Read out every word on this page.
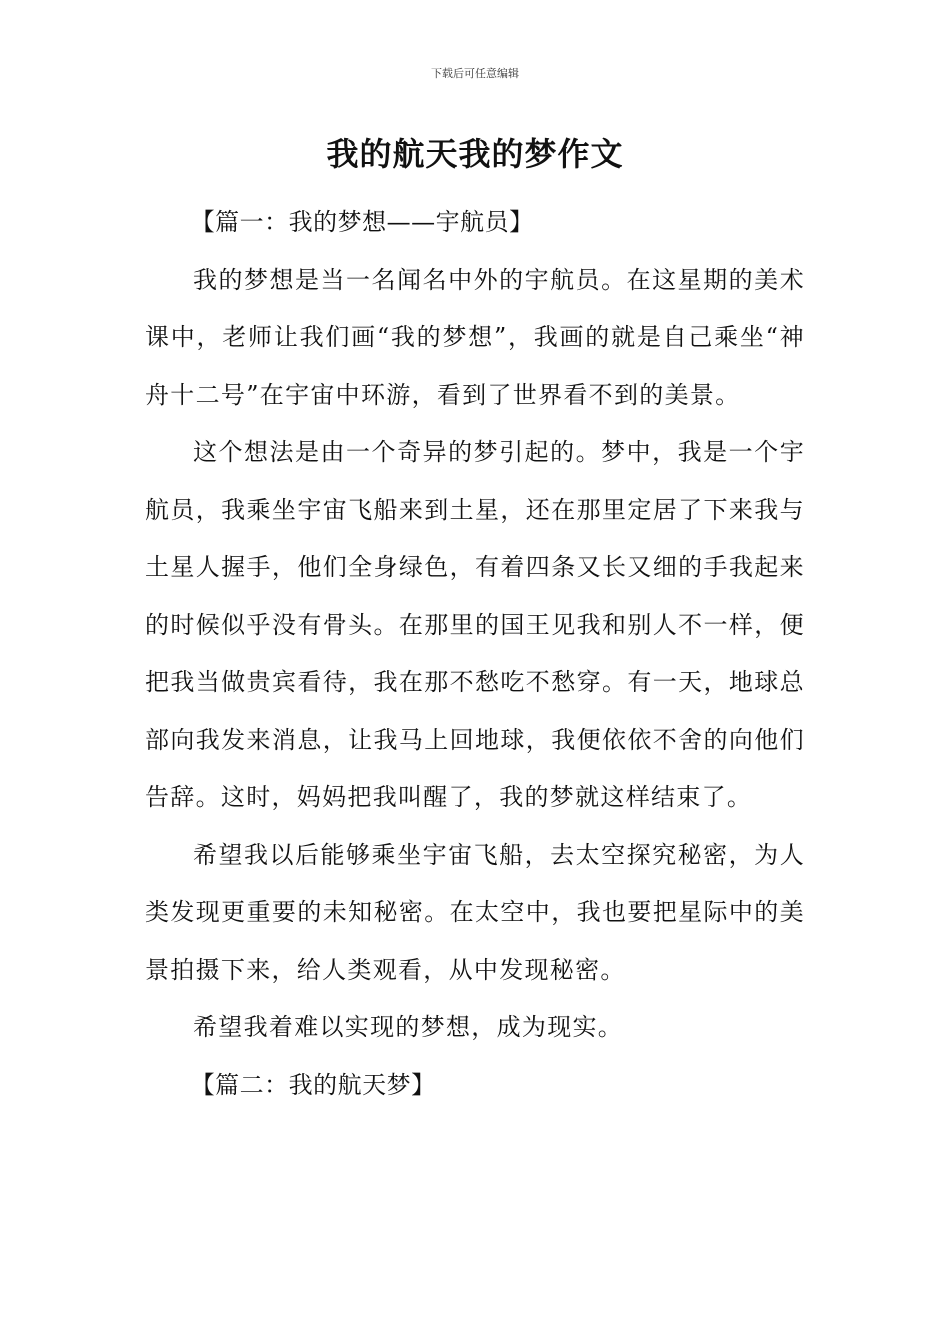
下载后可任意编辑
我的航天我的梦作文

【篇一：我的梦想——宇航员】

我的梦想是当一名闻名中外的宇航员。在这星期的美术课中，老师让我们画“我的梦想”，我画的就是自己乘坐“神舟十二号”在宇宙中环游，看到了世界看不到的美景。

这个想法是由一个奇异的梦引起的。梦中，我是一个宇航员，我乘坐宇宙飞船来到土星，还在那里定居了下来我与土星人握手，他们全身绿色，有着四条又长又细的手我起来的时候似乎没有骨头。在那里的国王见我和别人不一样，便把我当做贵宾看待，我在那不愁吃不愁穿。有一天，地球总部向我发来消息，让我马上回地球，我便依依不舍的向他们告辞。这时，妈妈把我叫醒了，我的梦就这样结束了。

希望我以后能够乘坐宇宙飞船，去太空探究秘密，为人类发现更重要的未知秘密。在太空中，我也要把星际中的美景拍摄下来，给人类观看，从中发现秘密。

希望我着难以实现的梦想，成为现实。

【篇二：我的航天梦】
